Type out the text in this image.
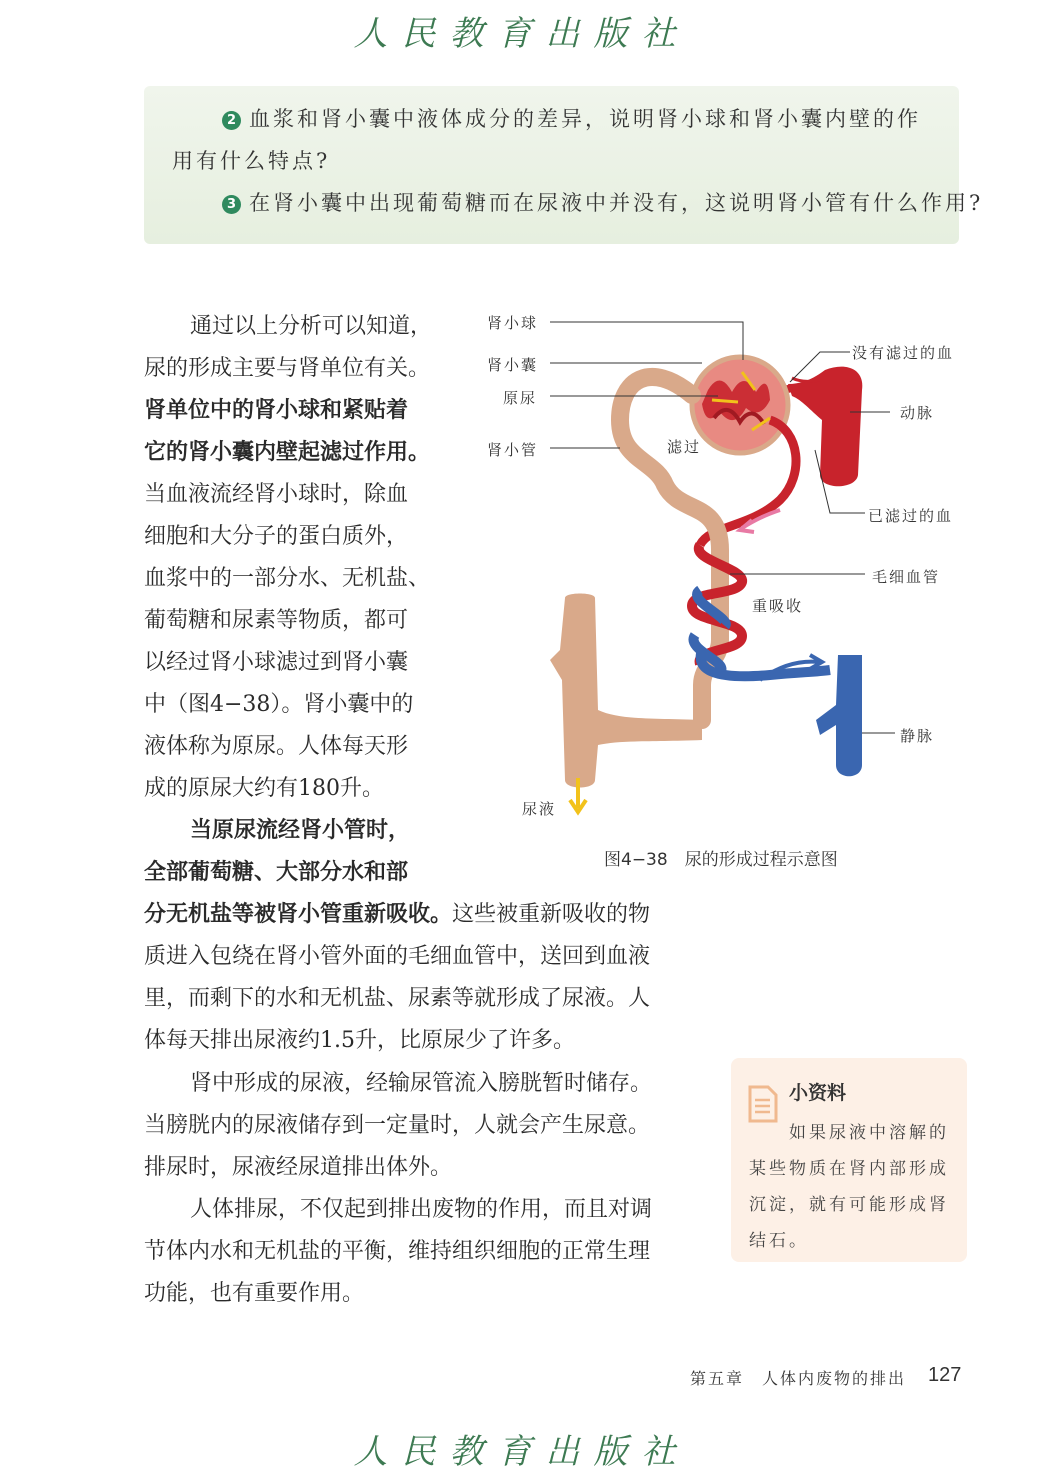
人民教育出版社
2 血浆和肾小囊中液体成分的差异，说明肾小球和肾小囊内壁的作
用有什么特点?
3 在肾小囊中出现葡萄糖而在尿液中并没有，这说明肾小管有什么作用?
通过以上分析可以知道，
尿的形成主要与肾单位有关。
肾单位中的肾小球和紧贴着
它的肾小囊内壁起滤过作用。
当血液流经肾小球时，除血
细胞和大分子的蛋白质外，
血浆中的一部分水、无机盐、
葡萄糖和尿素等物质，都可
以经过肾小球滤过到肾小囊
中（图4−38）。肾小囊中的
液体称为原尿。人体每天形
成的原尿大约有180升。
当原尿流经肾小管时，
全部葡萄糖、大部分水和部
分无机盐等被肾小管重新吸收。这些被重新吸收的物
质进入包绕在肾小管外面的毛细血管中，送回到血液
里，而剩下的水和无机盐、尿素等就形成了尿液。人
体每天排出尿液约1.5升，比原尿少了许多。
肾中形成的尿液，经输尿管流入膀胱暂时储存。
当膀胱内的尿液储存到一定量时，人就会产生尿意。
排尿时，尿液经尿道排出体外。
人体排尿，不仅起到排出废物的作用，而且对调
节体内水和无机盐的平衡，维持组织细胞的正常生理
功能，也有重要作用。
肾小球
肾小囊
原尿
肾小管	滤过
没有滤过的血
动脉
已滤过的血
毛细血管
重吸收
静脉
尿液
图4−38　尿的形成过程示意图
小资料
如果尿液中溶解的
某些物质在肾内部形成
沉淀，就有可能形成肾
结石。
第五章　人体内废物的排出 127
人民教育出版社
